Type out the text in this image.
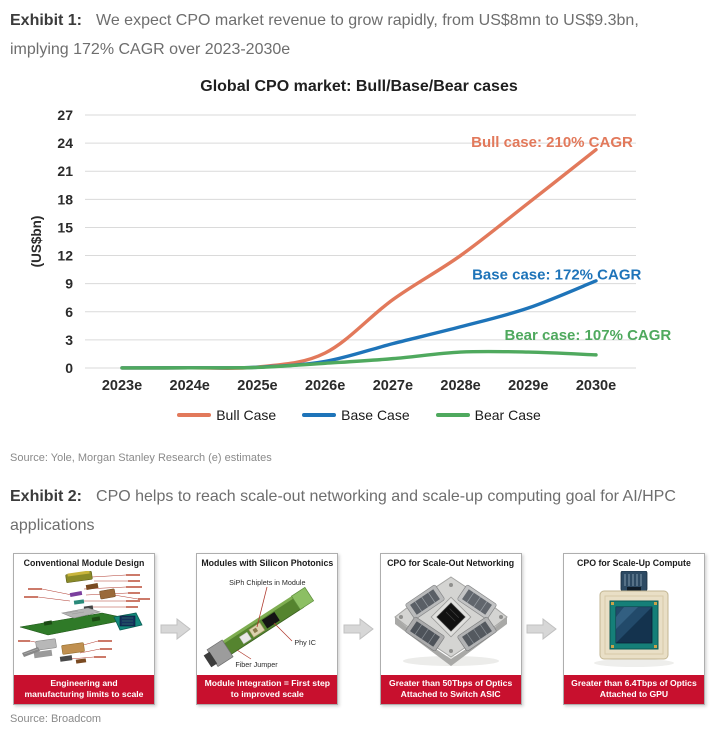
Exhibit 1: We expect CPO market revenue to grow rapidly, from US$8mn to US$9.3bn, implying 172% CAGR over 2023-2030e
Global CPO market: Bull/Base/Bear cases
0
3
6
9
12
15
18
21
24
27
(US$bn)
2023e 2024e 2025e 2026e 2027e 2028e 2029e 2030e
Bull case: 210% CAGR
Base case: 172% CAGR
Bear case: 107% CAGR
Bull Case	Base Case	Bear Case
Source: Yole, Morgan Stanley Research (e) estimates
Exhibit 2: CPO helps to reach scale-out networking and scale-up computing goal for AI/HPC applications
Conventional Module Design
Engineering and
manufacturing limits to scale
Modules with Silicon Photonics
SiPh Chiplets in Module
Phy IC
Fiber Jumper
Module Integration = First step
to improved scale
CPO for Scale-Out Networking
Greater than 50Tbps of Optics
Attached to Switch ASIC
CPO for Scale-Up Compute
Greater than 6.4Tbps of Optics
Attached to GPU
Source: Broadcom
